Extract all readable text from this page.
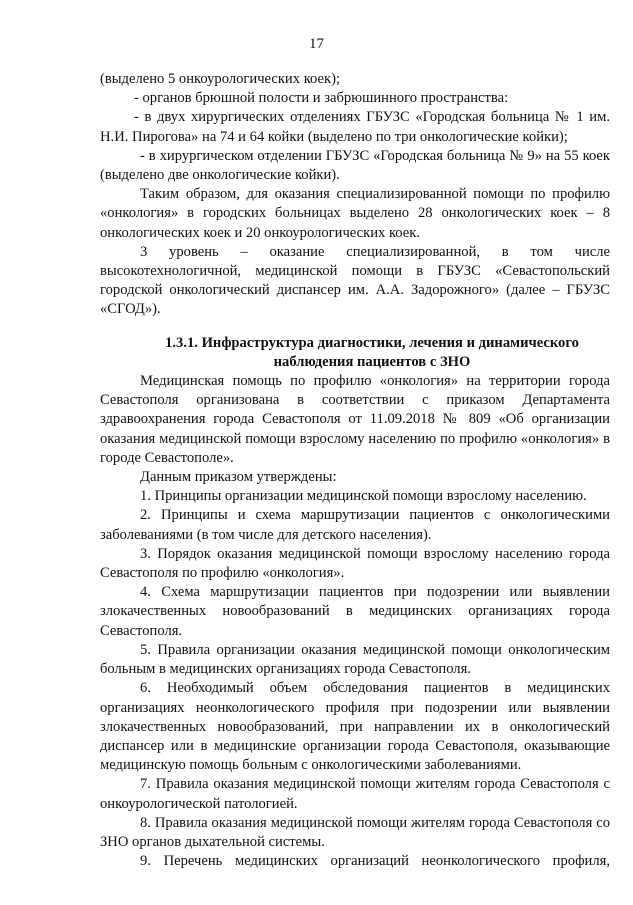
17

(выделено 5 онкоурологических коек);

- органов брюшной полости и забрюшинного пространства:

- в двух хирургических отделениях ГБУЗС «Городская больница № 1 им. Н.И. Пирогова» на 74 и 64 койки (выделено по три онкологические койки);

- в хирургическом отделении ГБУЗС «Городская больница № 9» на 55 коек (выделено две онкологические койки).

Таким образом, для оказания специализированной помощи по профилю «онкология» в городских больницах выделено 28 онкологических коек – 8 онкологических коек и 20 онкоурологических коек.

3 уровень – оказание специализированной, в том числе высокотехнологичной, медицинской помощи в ГБУЗС «Севастопольский городской онкологический диспансер им. А.А. Задорожного» (далее – ГБУЗС «СГОД»).

1.3.1. Инфраструктура диагностики, лечения и динамического наблюдения пациентов с ЗНО

Медицинская помощь по профилю «онкология» на территории города Севастополя организована в соответствии с приказом Департамента здравоохранения города Севастополя от 11.09.2018 № 809 «Об организации оказания медицинской помощи взрослому населению по профилю «онкология» в городе Севастополе».

Данным приказом утверждены:

1. Принципы организации медицинской помощи взрослому населению.

2. Принципы и схема маршрутизации пациентов с онкологическими заболеваниями (в том числе для детского населения).

3. Порядок оказания медицинской помощи взрослому населению города Севастополя по профилю «онкология».

4. Схема маршрутизации пациентов при подозрении или выявлении злокачественных новообразований в медицинских организациях города Севастополя.

5. Правила организации оказания медицинской помощи онкологическим больным в медицинских организациях города Севастополя.

6. Необходимый объем обследования пациентов в медицинских организациях неонкологического профиля при подозрении или выявлении злокачественных новообразований, при направлении их в онкологический диспансер или в медицинские организации города Севастополя, оказывающие медицинскую помощь больным с онкологическими заболеваниями.

7. Правила оказания медицинской помощи жителям города Севастополя с онкоурологической патологией.

8. Правила оказания медицинской помощи жителям города Севастополя со ЗНО органов дыхательной системы.

9. Перечень медицинских организаций неонкологического профиля,
